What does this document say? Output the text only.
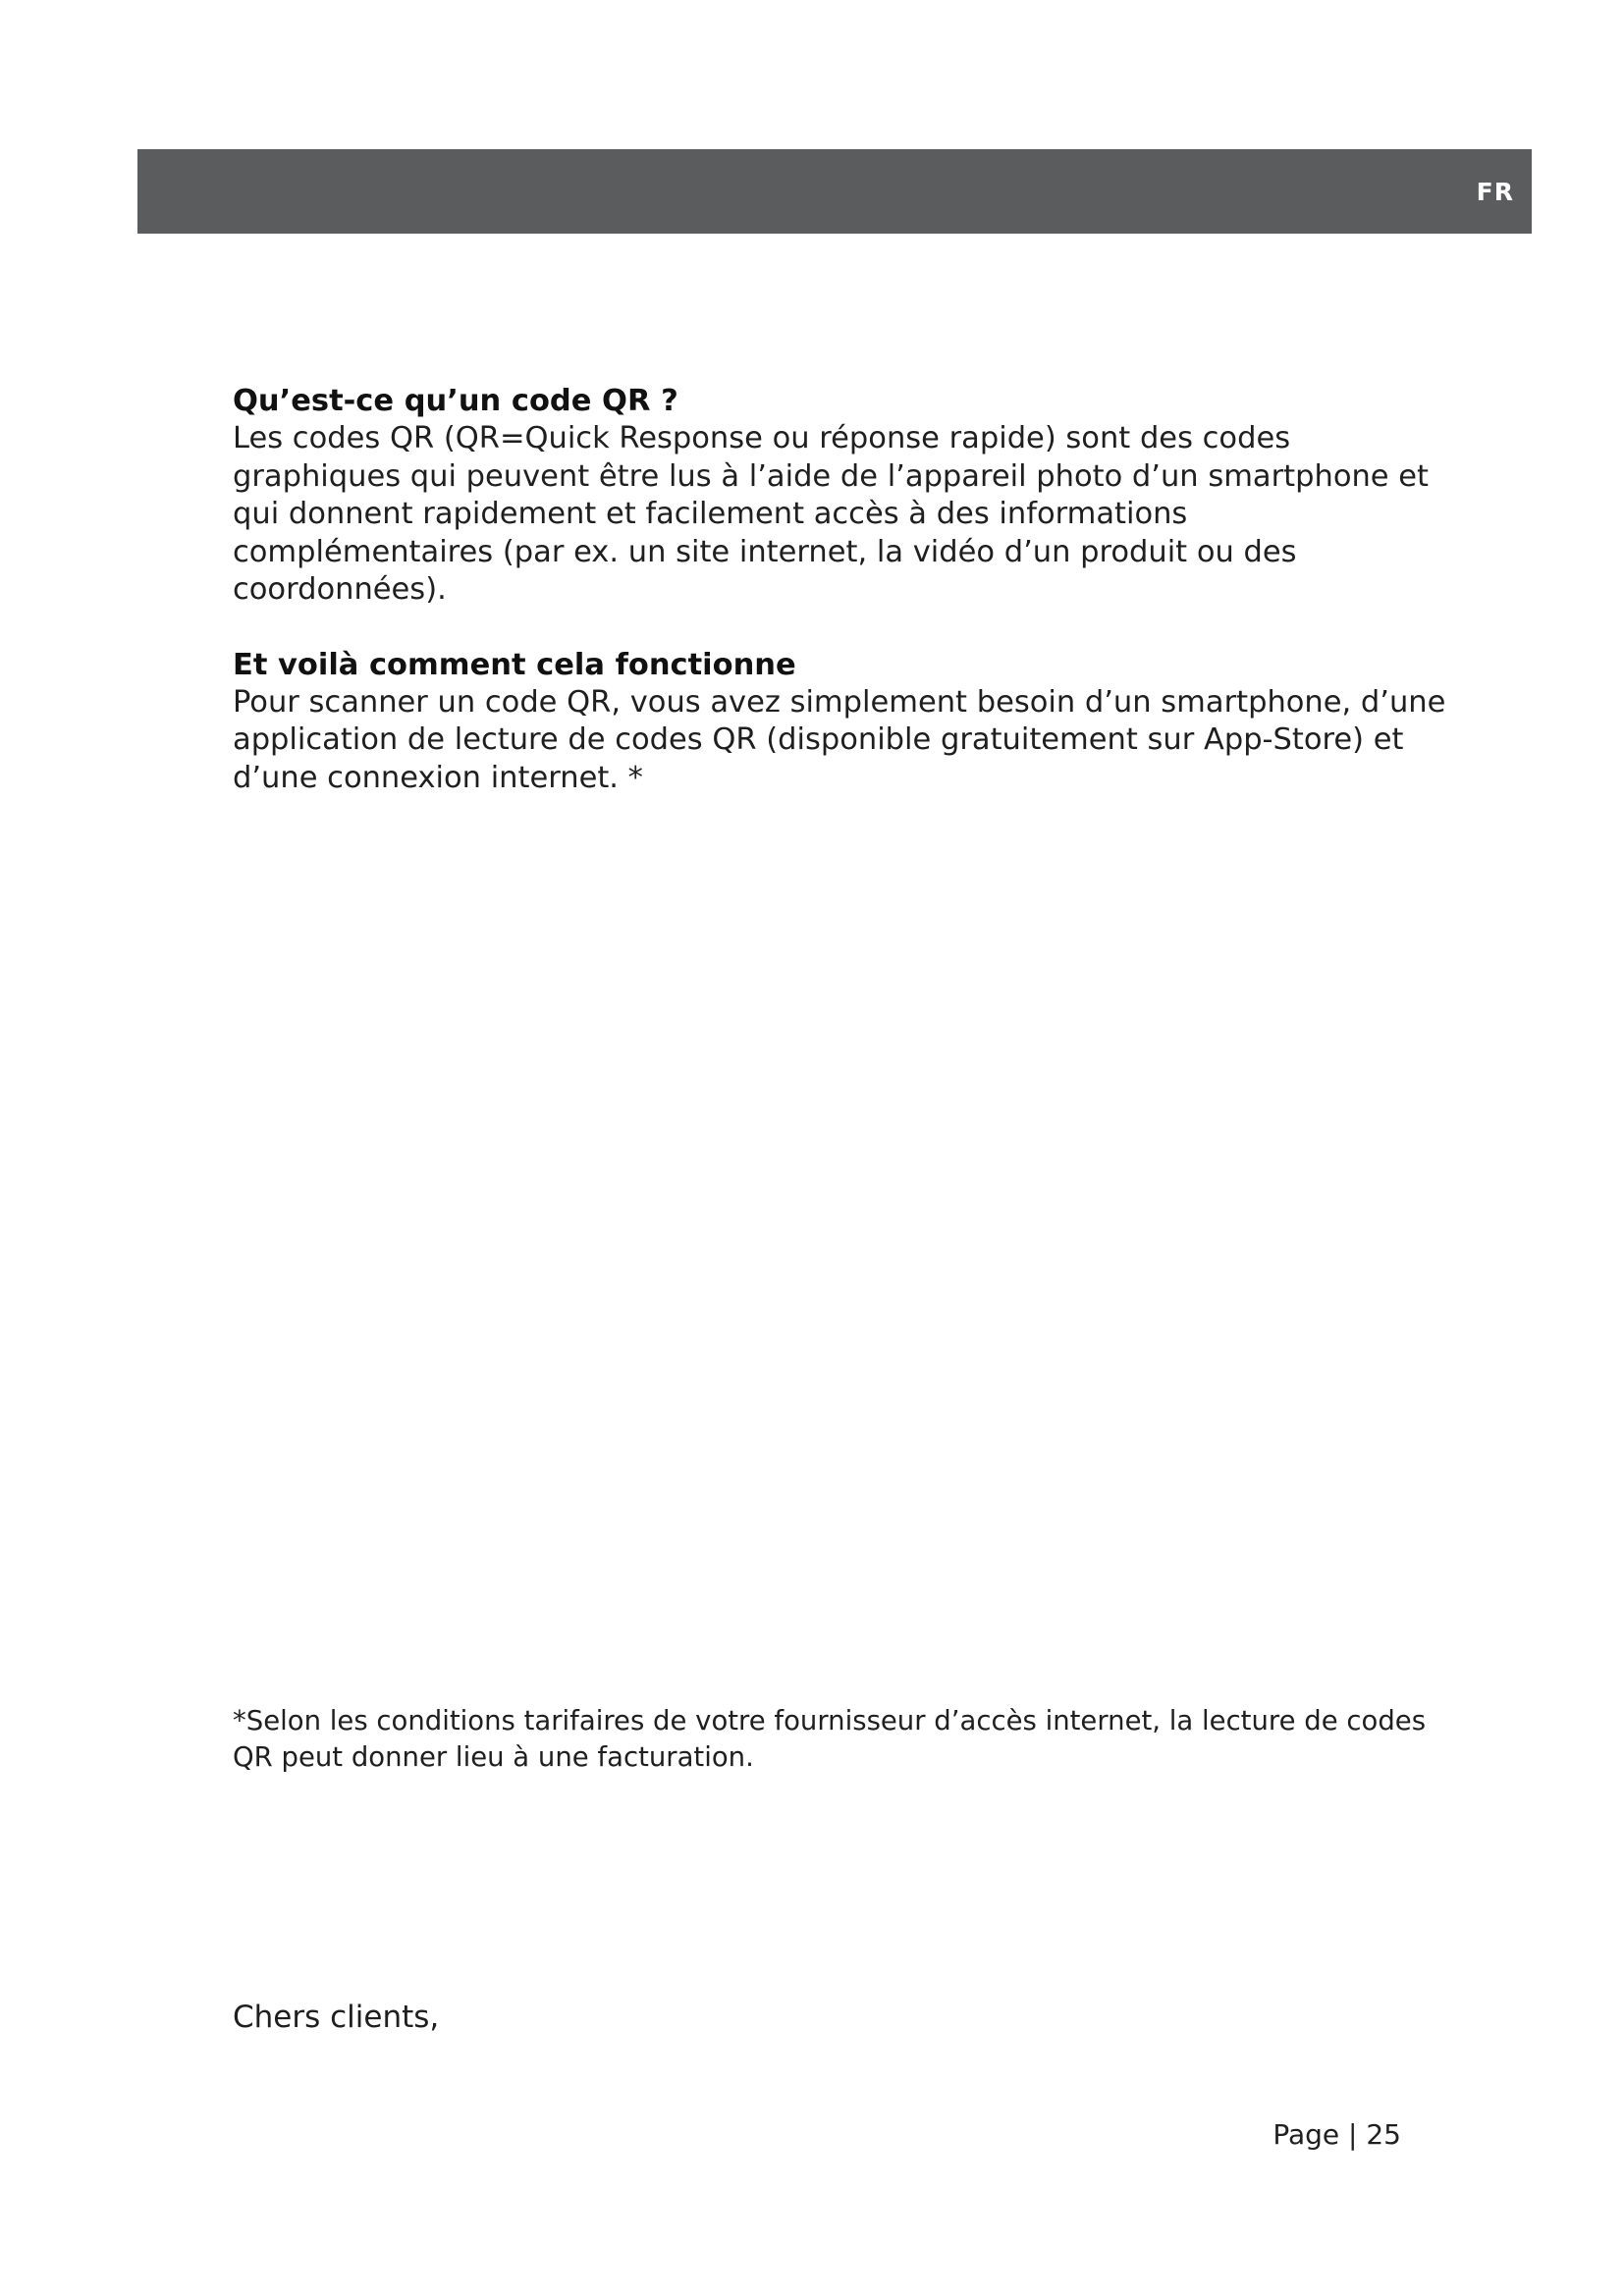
FR
Qu’est-ce qu’un code QR ?

Les codes QR (QR=Quick Response ou réponse rapide) sont des codes graphiques qui peuvent être lus à l’aide de l’appareil photo d’un smartphone et qui donnent rapidement et facilement accès à des informations complémentaires (par ex. un site internet, la vidéo d’un produit ou des coordonnées).

Et voilà comment cela fonctionne

Pour scanner un code QR, vous avez simplement besoin d’un smartphone, d’une application de lecture de codes QR (disponible gratuitement sur App-Store) et d’une connexion internet. *

*Selon les conditions tarifaires de votre fournisseur d’accès internet, la lecture de codes QR peut donner lieu à une facturation.

Chers clients,

Page | 25
